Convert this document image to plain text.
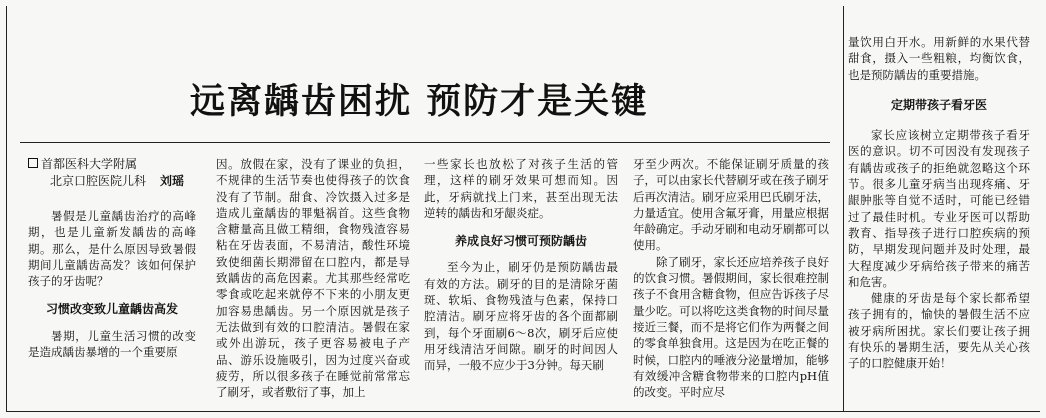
远离龋齿困扰 预防才是关键
首都医科大学附属
北京口腔医院儿科 刘瑶

暑假是儿童龋齿治疗的高峰期，也是儿童新发龋齿的高峰期。那么，是什么原因导致暑假期间儿童龋齿高发？该如何保护孩子的牙齿呢？

习惯改变致儿童龋齿高发

暑期，儿童生活习惯的改变是造成龋齿暴增的一个重要原

因。放假在家，没有了课业的负担，不规律的生活节奏也使得孩子的饮食没有了节制。甜食、冷饮摄入过多是造成儿童龋齿的罪魁祸首。这些食物含糖量高且做工精细，食物残渣容易粘在牙齿表面，不易清洁，酸性环境致使细菌长期滞留在口腔内，都是导致龋齿的高危因素。尤其那些经常吃零食或吃起来就停不下来的小朋友更加容易患龋齿。另一个原因就是孩子无法做到有效的口腔清洁。暑假在家或外出游玩，孩子更容易被电子产品、游乐设施吸引，因为过度兴奋或疲劳，所以很多孩子在睡觉前常常忘了刷牙，或者敷衍了事，加上

一些家长也放松了对孩子生活的管理，这样的刷牙效果可想而知。因此，牙病就找上门来，甚至出现无法逆转的龋齿和牙龈炎症。

养成良好习惯可预防龋齿

至今为止，刷牙仍是预防龋齿最有效的方法。刷牙的目的是清除牙菌斑、软垢、食物残渣与色素，保持口腔清洁。刷牙应将牙齿的各个面都刷到，每个牙面刷6～8次，刷牙后应使用牙线清洁牙间隙。刷牙的时间因人而异，一般不应少于3分钟。每天刷

牙至少两次。不能保证刷牙质量的孩子，可以由家长代替刷牙或在孩子刷牙后再次清洁。刷牙应采用巴氏刷牙法，力量适宜。使用含氟牙膏，用量应根据年龄确定。手动牙刷和电动牙刷都可以使用。

除了刷牙，家长还应培养孩子良好的饮食习惯。暑假期间，家长很难控制孩子不食用含糖食物，但应告诉孩子尽量少吃。可以将吃这类食物的时间尽量接近三餐，而不是将它们作为两餐之间的零食单独食用。这是因为在吃正餐的时候，口腔内的唾液分泌量增加，能够有效缓冲含糖食物带来的口腔内pH值的改变。平时应尽

量饮用白开水。用新鲜的水果代替甜食，摄入一些粗粮，均衡饮食，也是预防龋齿的重要措施。

定期带孩子看牙医

家长应该树立定期带孩子看牙医的意识。切不可因没有发现孩子有龋齿或孩子的拒绝就忽略这个环节。很多儿童牙病当出现疼痛、牙龈肿胀等自觉不适时，可能已经错过了最佳时机。专业牙医可以帮助教育、指导孩子进行口腔疾病的预防，早期发现问题并及时处理，最大程度减少牙病给孩子带来的痛苦和危害。

健康的牙齿是每个家长都希望孩子拥有的，愉快的暑假生活不应被牙病所困扰。家长们要让孩子拥有快乐的暑期生活，要先从关心孩子的口腔健康开始！
